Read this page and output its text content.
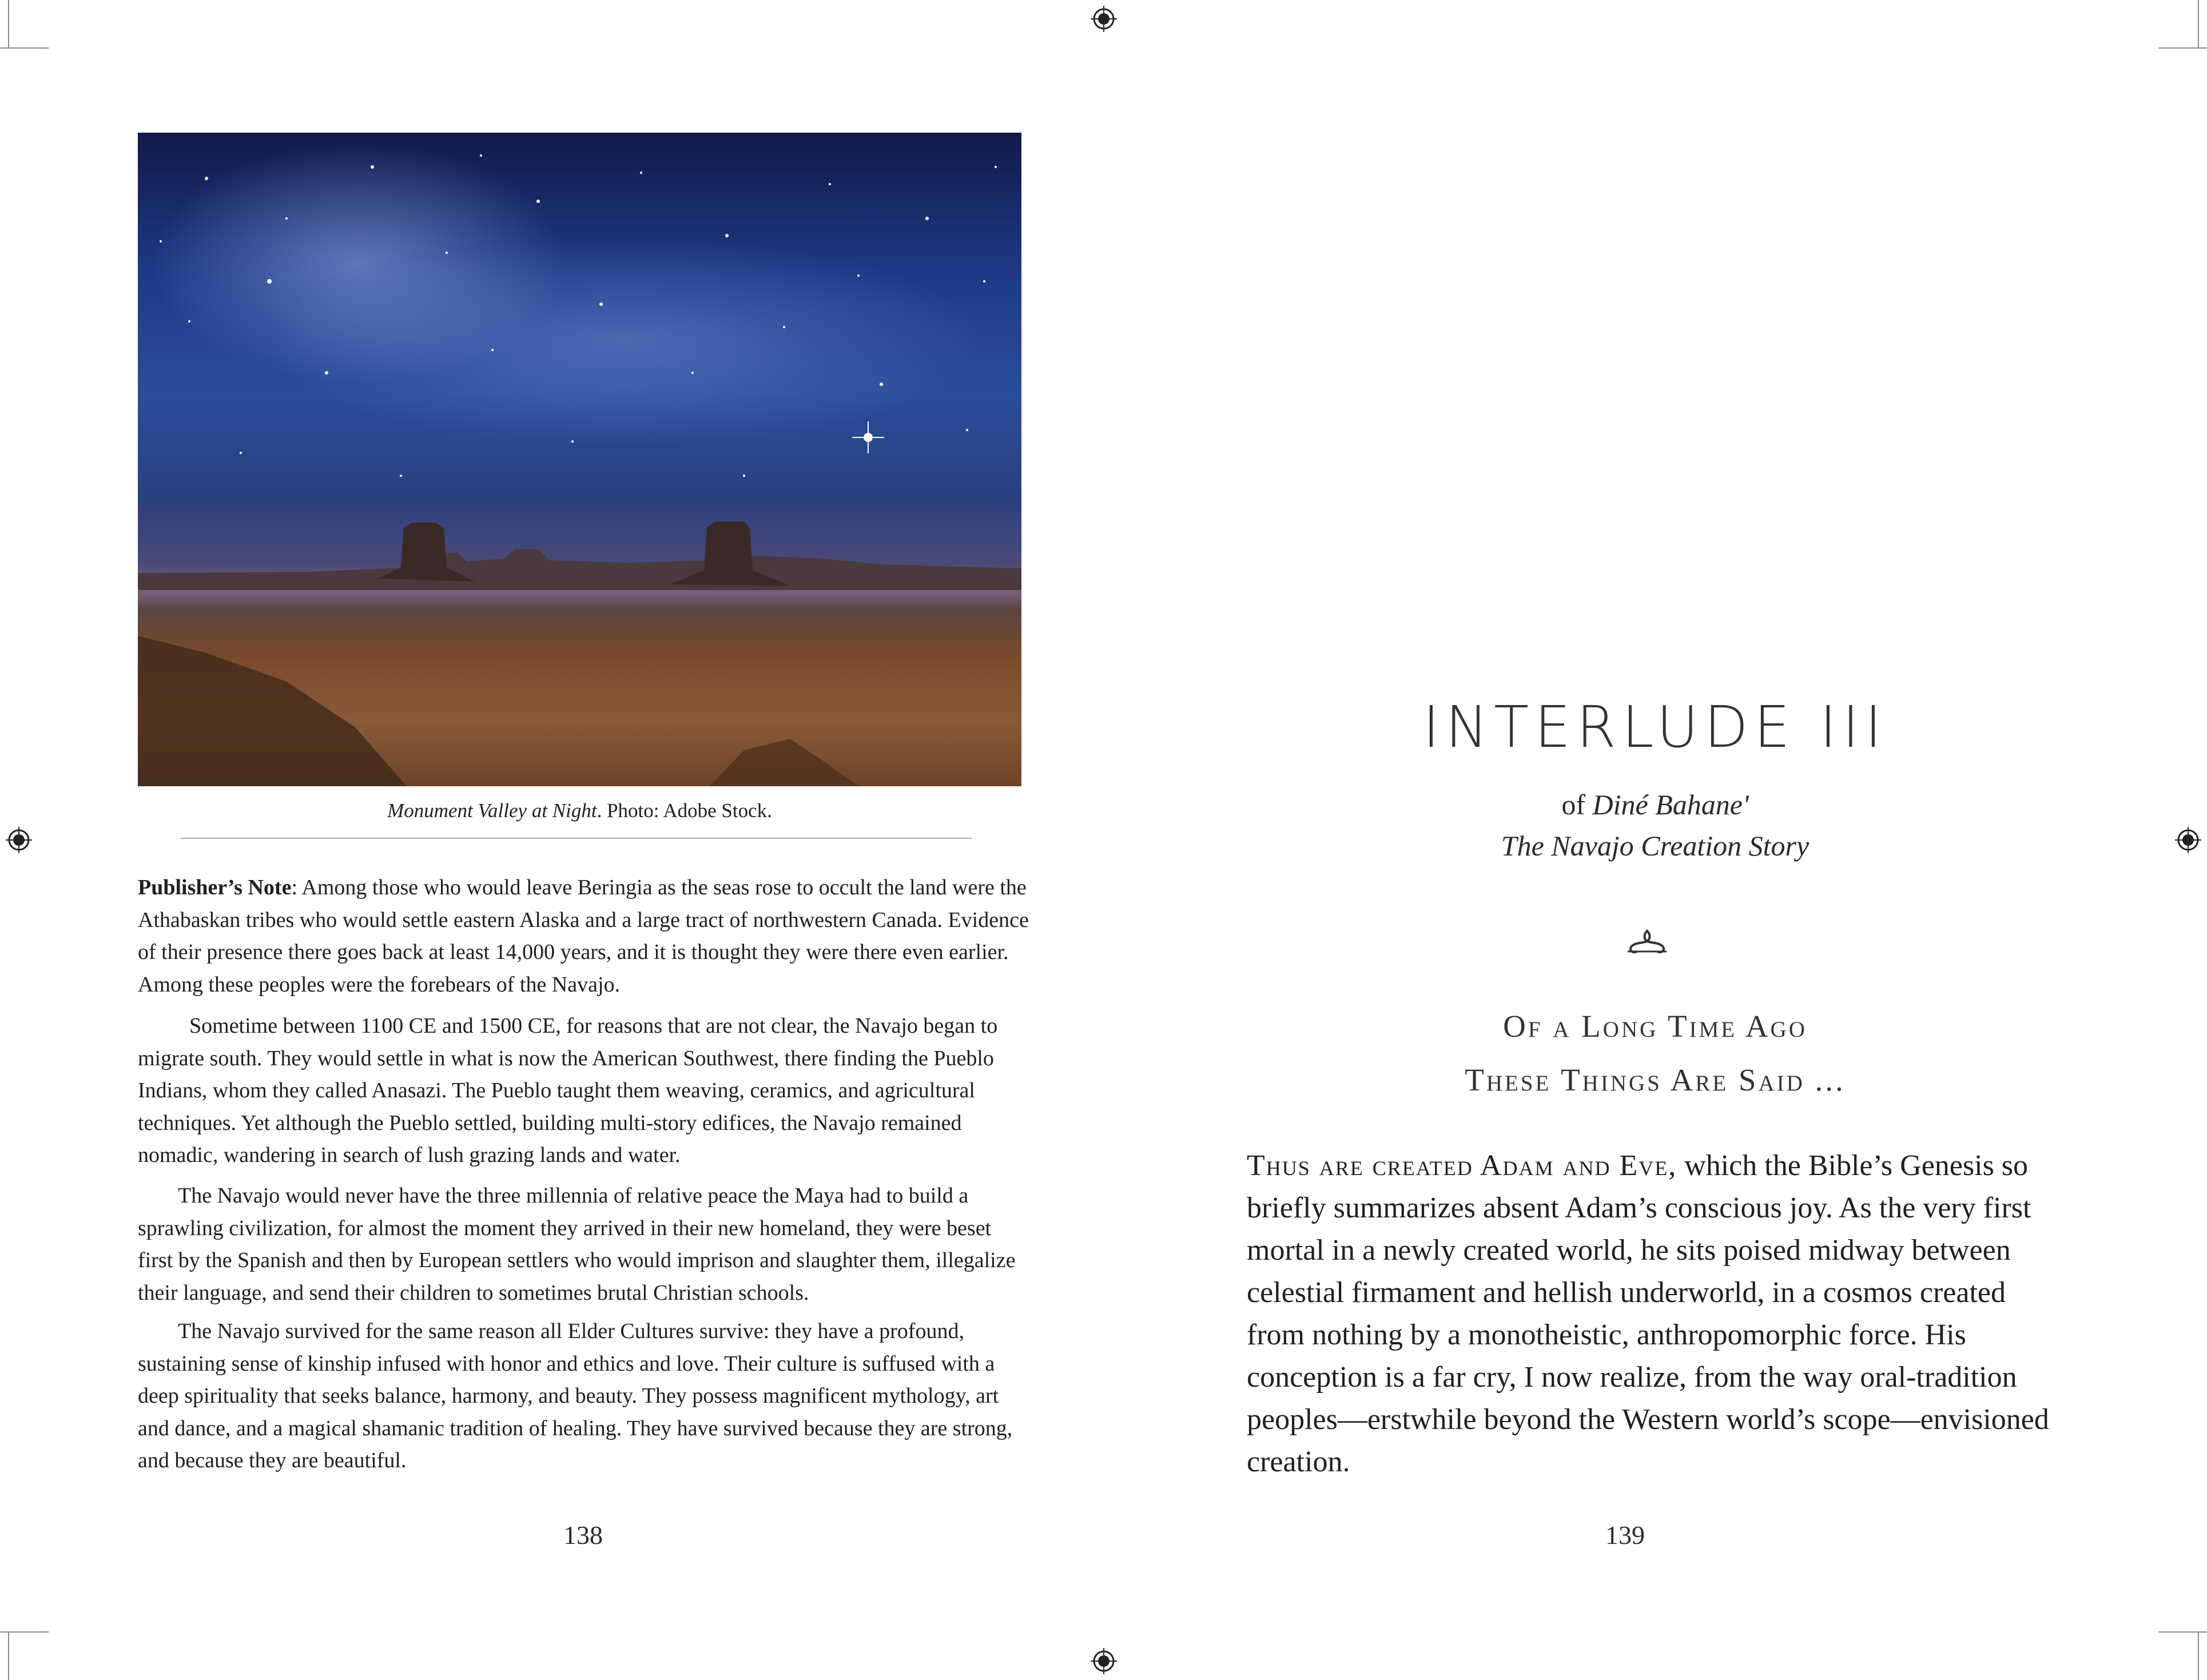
Monument Valley at Night. Photo: Adobe Stock.

Publisher’s Note: Among those who would leave Beringia as the seas rose to occult the land were the Athabaskan tribes who would settle eastern Alaska and a large tract of northwestern Canada. Evidence of their presence there goes back at least 14,000 years, and it is thought they were there even earlier. Among these peoples were the forebears of the Navajo.

Sometime between 1100 CE and 1500 CE, for reasons that are not clear, the Navajo began to migrate south. They would settle in what is now the American Southwest, there finding the Pueblo Indians, whom they called Anasazi. The Pueblo taught them weaving, ceramics, and agricultural techniques. Yet although the Pueblo settled, building multi-story edifices, the Navajo remained nomadic, wandering in search of lush grazing lands and water.

The Navajo would never have the three millennia of relative peace the Maya had to build a sprawling civilization, for almost the moment they arrived in their new homeland, they were beset first by the Spanish and then by European settlers who would imprison and slaughter them, illegalize their language, and send their children to sometimes brutal Christian schools.

The Navajo survived for the same reason all Elder Cultures survive: they have a profound, sustaining sense of kinship infused with honor and ethics and love. Their culture is suffused with a deep spirituality that seeks balance, harmony, and beauty. They possess magnificent mythology, art and dance, and a magical shamanic tradition of healing. They have survived because they are strong, and because they are beautiful.

138
INTERLUDE III
of Diné Bahane'
The Navajo Creation Story
Of a Long Time Ago
These Things Are Said ...
Thus are created Adam and Eve, which the Bible’s Genesis so briefly summarizes absent Adam’s conscious joy. As the very first mortal in a newly created world, he sits poised midway between celestial firmament and hellish underworld, in a cosmos created from nothing by a monotheistic, anthropomorphic force. His conception is a far cry, I now realize, from the way oral-tradition peoples—erstwhile beyond the Western world’s scope—envisioned creation.
139
